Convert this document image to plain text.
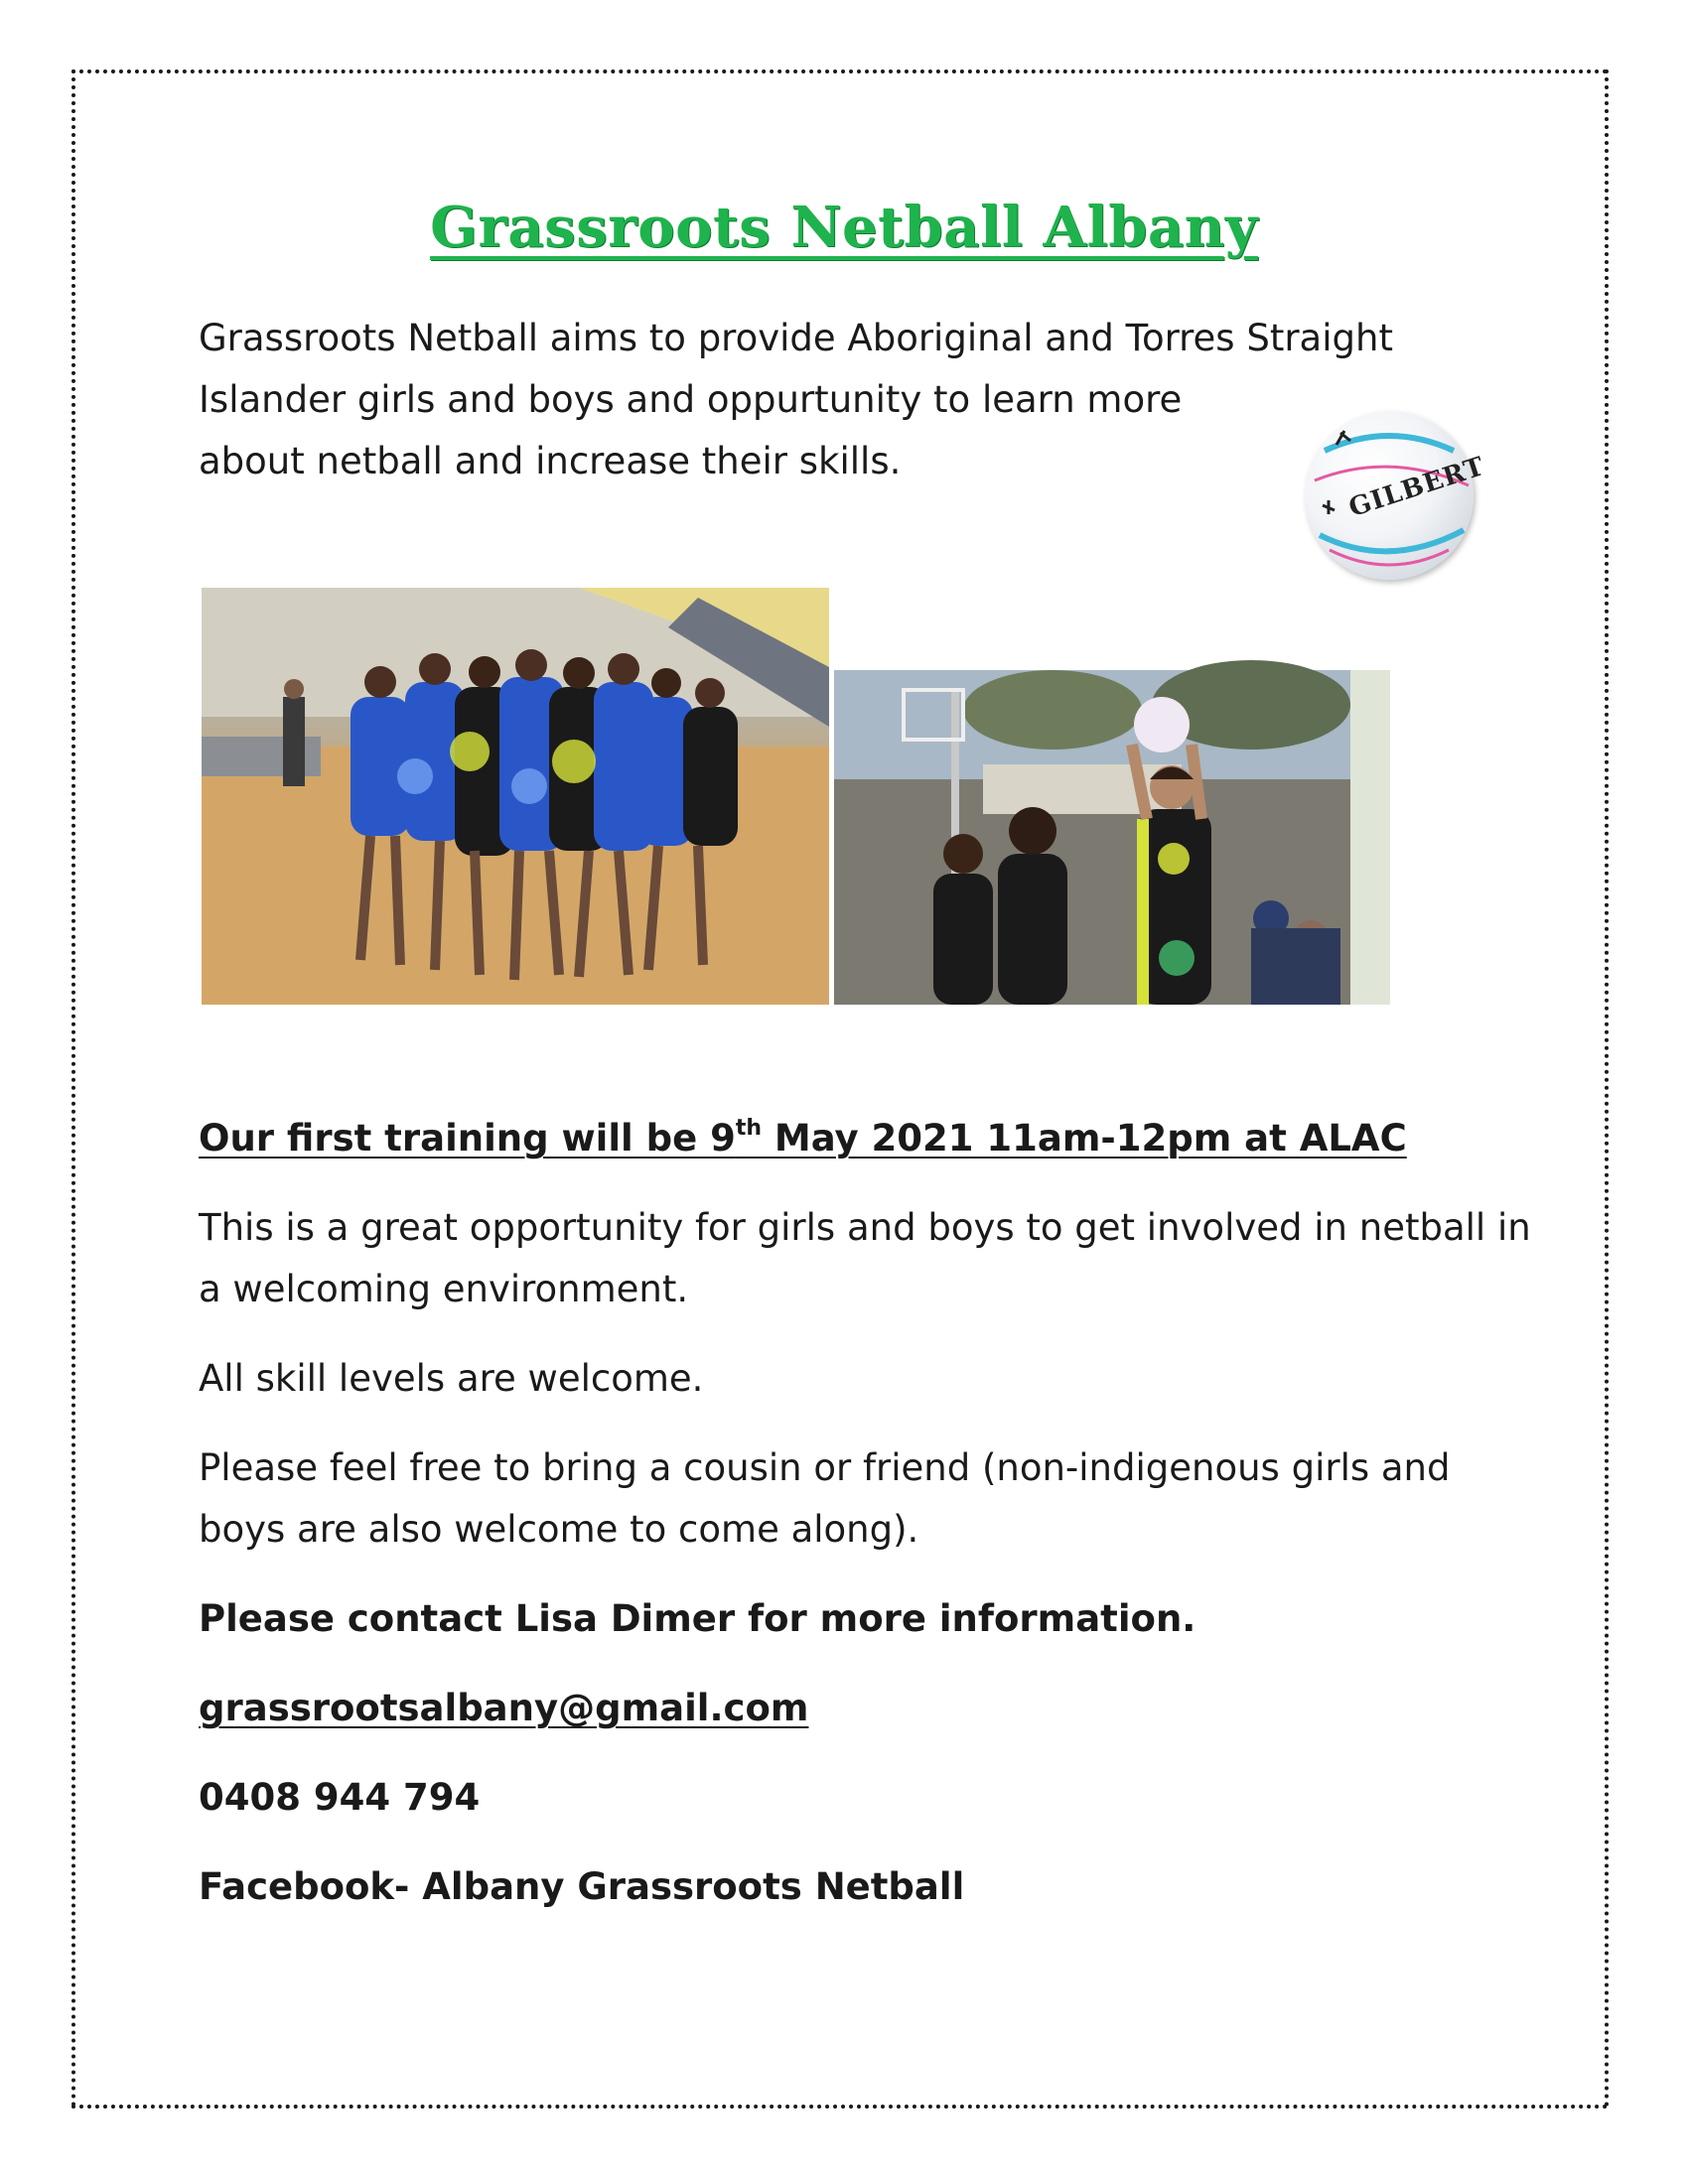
Grassroots Netball Albany
Grassroots Netball aims to provide Aboriginal and Torres Straight
Islander girls and boys and oppurtunity to learn more
about netball and increase their skills.	GILBERT
Our first training will be 9th May 2021 11am-12pm at ALAC
This is a great opportunity for girls and boys to get involved in netball in
a welcoming environment.
All skill levels are welcome.
Please feel free to bring a cousin or friend (non-indigenous girls and
boys are also welcome to come along).
Please contact Lisa Dimer for more information.
grassrootsalbany@gmail.com
0408 944 794
Facebook- Albany Grassroots Netball
